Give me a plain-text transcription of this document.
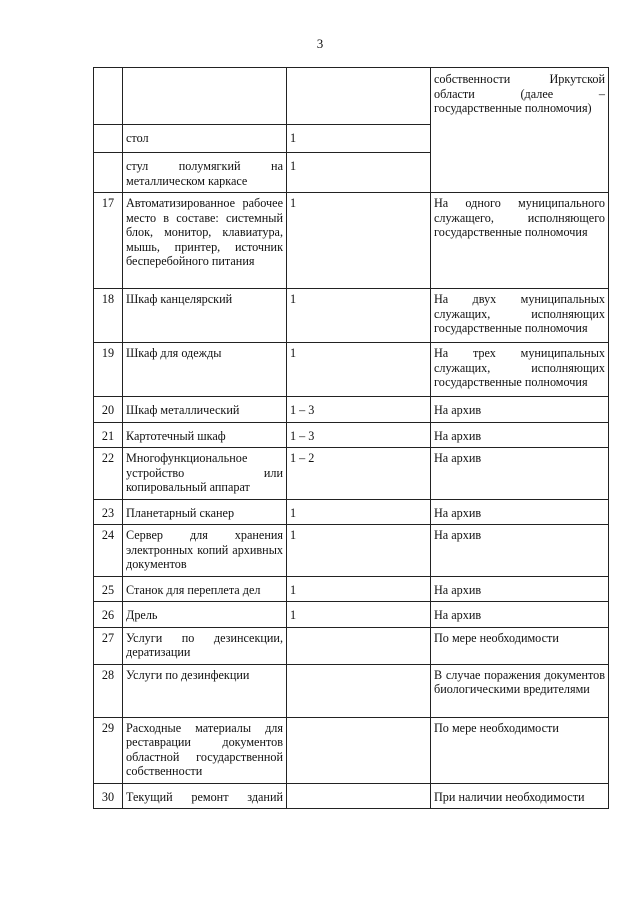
3
			собственности Иркутской области (далее – государственные полномочия)
	стол	1	
	стул полумягкий на металлическом каркасе	1	
17	Автоматизированное рабочее место в составе: системный блок, монитор, клавиатура, мышь, принтер, источник бесперебойного питания	1	На одного муниципального служащего, исполняющего государственные полномочия
18	Шкаф канцелярский	1	На двух муниципальных служащих, исполняющих государственные полномочия
19	Шкаф для одежды	1	На трех муниципальных служащих, исполняющих государственные полномочия
20	Шкаф металлический	1 – 3	На архив
21	Картотечный шкаф	1 – 3	На архив
22	Многофункциональное устройство или копировальный аппарат	1 – 2	На архив
23	Планетарный сканер	1	На архив
24	Сервер для хранения электронных копий архивных документов	1	На архив
25	Станок для переплета дел	1	На архив
26	Дрель	1	На архив
27	Услуги по дезинсекции, дератизации		По мере необходимости
28	Услуги по дезинфекции		В случае поражения документов биологическими вредителями
29	Расходные материалы для реставрации документов областной государственной собственности		По мере необходимости
30	Текущий ремонт зданий		При наличии необходимости
